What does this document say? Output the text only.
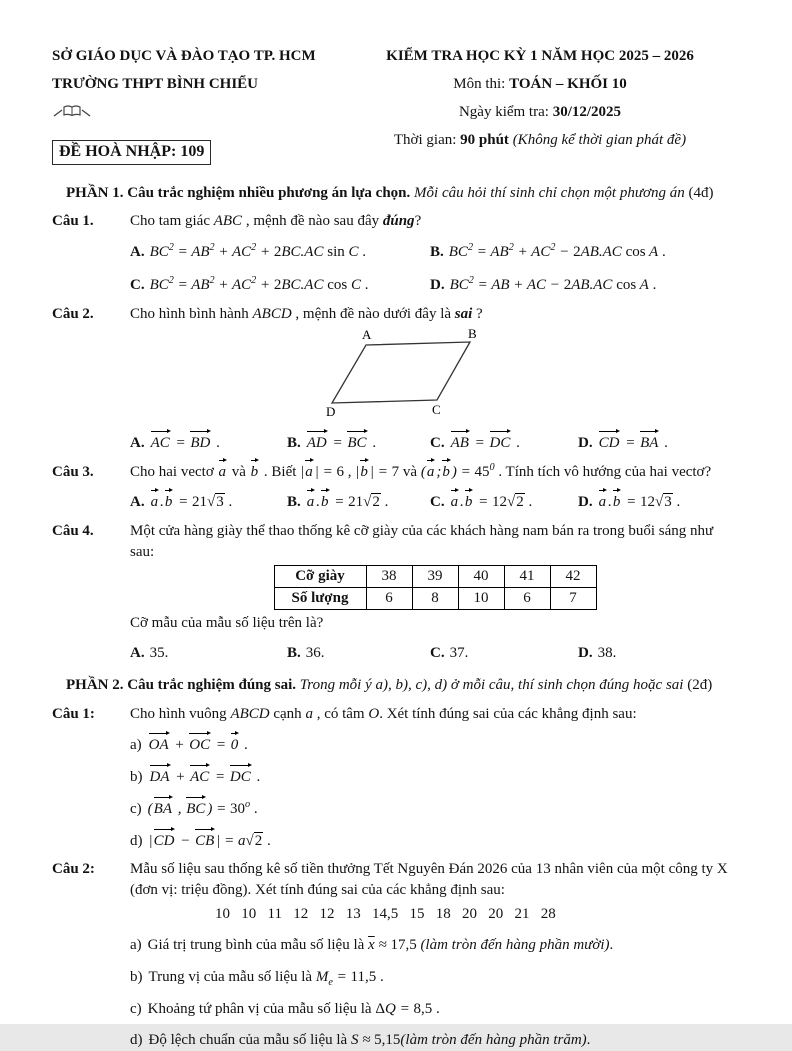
SỞ GIÁO DỤC VÀ ĐÀO TẠO TP. HCM
TRƯỜNG THPT BÌNH CHIỂU
ĐỀ HOÀ NHẬP: 109
KIỂM TRA HỌC KỲ 1 NĂM HỌC 2025 – 2026
Môn thi: TOÁN – KHỐI 10
Ngày kiểm tra: 30/12/2025
Thời gian: 90 phút (Không kể thời gian phát đề)
PHẦN 1. Câu trắc nghiệm nhiều phương án lựa chọn. Mỗi câu hỏi thí sinh chỉ chọn một phương án (4đ)
Câu 1.	Cho tam giác ABC , mệnh đề nào sau đây đúng?
A. $BC^2 = AB^2 + AC^2 + 2BC.AC$ sin C .	B. $BC^2 = AB^2 + AC^2 - 2AB.AC$ cos A .
C. $BC^2 = AB^2 + AC^2 + 2BC.AC$ cos C .	D. $BC^2$ = AB + AC − 2AB.AC cos A .
Câu 2.	Cho hình bình hành ABCD , mệnh đề nào dưới đây là sai ?
A	B
C
D
A. AC = BD .	B. AD = BC .	C. AB = DC .	D. CD = BA .
Câu 3.	Cho hai vectơ a và b . Biết |a | = 6 , |b | = 7 và (a ;b ) = $45^0$ . Tính tích vô hướng của hai vectơ?
A. a .b = 21 √ 3 .	B. a .b = 21 √ 2 .	C. a .b = 12 √ 2 .	D. a .b = 12 √ 3 .
Câu 4.	Một cửa hàng giày thể thao thống kê cỡ giày của các khách hàng nam bán ra trong buổi sáng như sau:
Cỡ giày	38	39	40	41	42
Số lượng	6	8	10	6	7
Cỡ mẫu của mẫu số liệu trên là?
A. 35.	B. 36.	C. 37.	D. 38.
PHẦN 2. Câu trắc nghiệm đúng sai. Trong mỗi ý a), b), c), d) ở mỗi câu, thí sinh chọn đúng hoặc sai (2đ)
Câu 1:	Cho hình vuông ABCD cạnh a , có tâm O. Xét tính đúng sai của các khẳng định sau:
a) OA + OC = 0 .
b) DA + AC = DC .
c) (BA , BC ) = $30^o$ .
d) |CD − CB | = a √ 2 .
Câu 2:	Mẫu số liệu sau thống kê số tiền thưởng Tết Nguyên Đán 2026 của 13 nhân viên của một công ty X (đơn vị: triệu đồng). Xét tính đúng sai của các khẳng định sau:
10   10   11   12   12   13   14,5   15   18   20   20   21   28
a) Giá trị trung bình của mẫu số liệu là $\overline{x} \approx 17,5$ (làm tròn đến hàng phần mười).
b) Trung vị của mẫu số liệu là $M_e = 11,5$ .
c) Khoảng tứ phân vị của mẫu số liệu là ΔQ = 8,5 .
d) Độ lệch chuẩn của mẫu số liệu là S ≈ 5,15(làm tròn đến hàng phần trăm).
